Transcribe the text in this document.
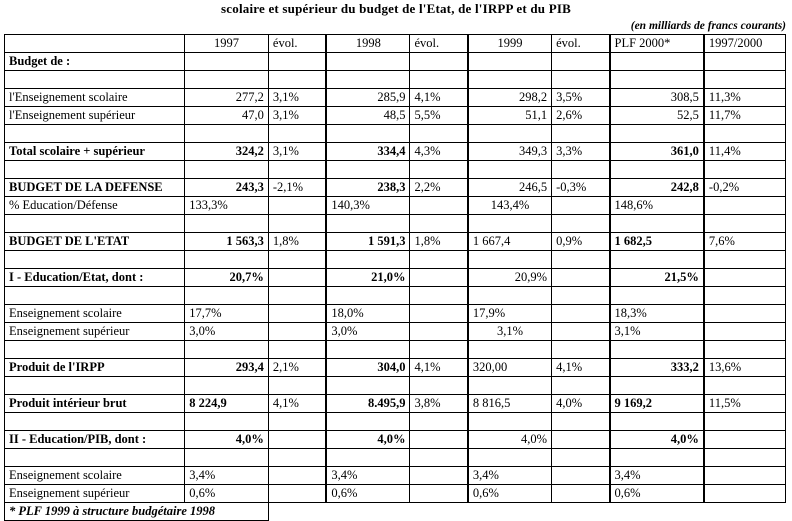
scolaire et supérieur du budget de l'Etat, de l'IRPP et du PIB
(en milliards de francs courants)
	1997	évol.	1998	évol.	1999	évol.	PLF 2000*	1997/2000
Budget de :								

l'Enseignement scolaire	277,2	3,1%	285,9	4,1%	298,2	3,5%	308,5	11,3%
l'Enseignement supérieur	47,0	3,1%	48,5	5,5%	51,1	2,6%	52,5	11,7%

Total scolaire + supérieur	324,2	3,1%	334,4	4,3%	349,3	3,3%	361,0	11,4%

BUDGET DE LA DEFENSE	243,3	-2,1%	238,3	2,2%	246,5	-0,3%	242,8	-0,2%
% Education/Défense	133,3%		140,3%		143,4%		148,6%	

BUDGET DE L'ETAT	1 563,3	1,8%	1 591,3	1,8%	1 667,4	0,9%	1 682,5	7,6%

I - Education/Etat, dont :	20,7%		21,0%		20,9%		21,5%	

Enseignement scolaire	17,7%		18,0%		17,9%		18,3%	
Enseignement supérieur	3,0%		3,0%		3,1%		3,1%	

Produit de l'IRPP	293,4	2,1%	304,0	4,1%	320,00	4,1%	333,2	13,6%

Produit intérieur brut	8 224,9	4,1%	8.495,9	3,8%	8 816,5	4,0%	9 169,2	11,5%

II - Education/PIB, dont :	4,0%		4,0%		4,0%		4,0%	

Enseignement scolaire	3,4%		3,4%		3,4%		3,4%	
Enseignement supérieur	0,6%		0,6%		0,6%		0,6%	
* PLF 1999 à structure budgétaire 1998								
